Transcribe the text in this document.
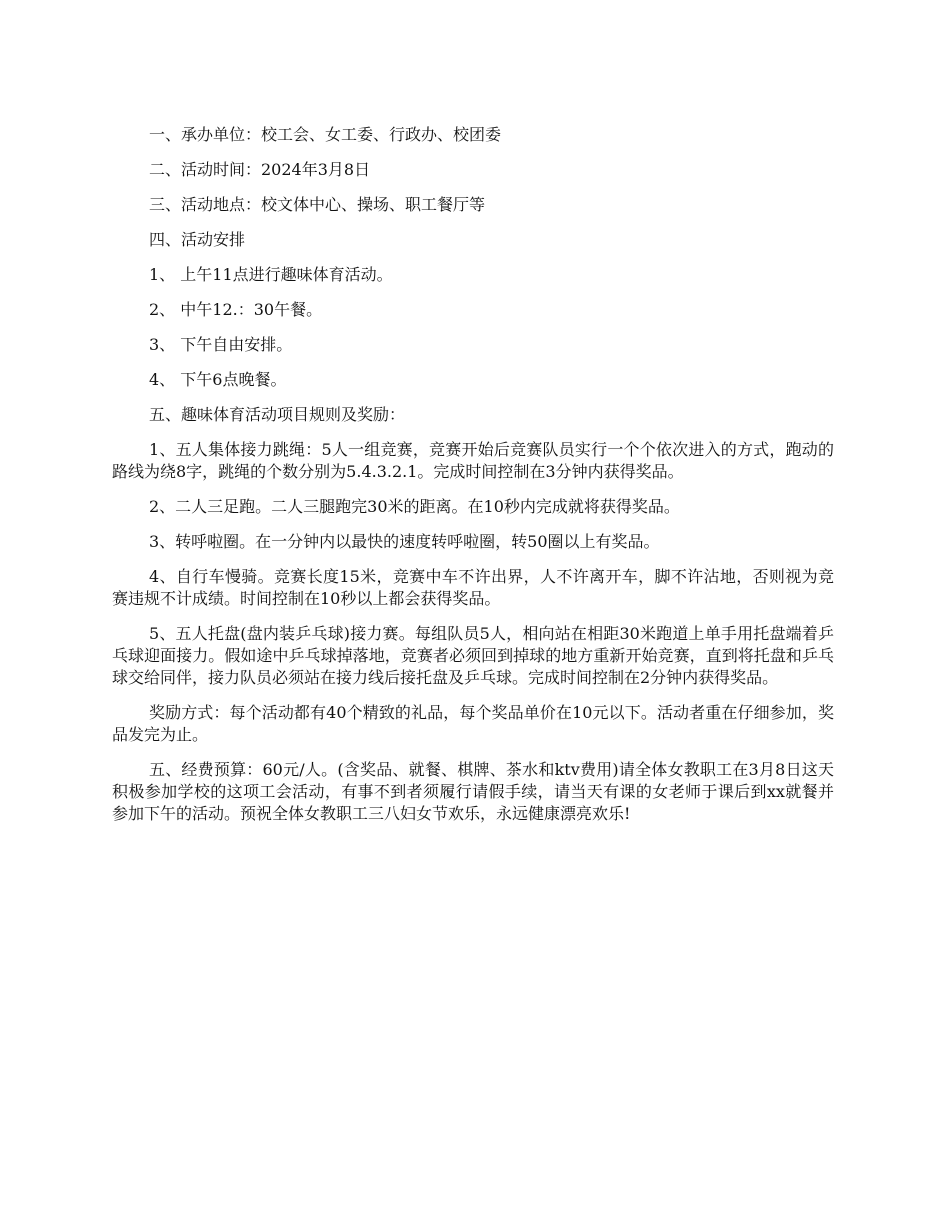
一、承办单位：校工会、女工委、行政办、校团委

二、活动时间：2024年3月8日

三、活动地点：校文体中心、操场、职工餐厅等

四、活动安排

1、 上午11点进行趣味体育活动。

2、 中午12.：30午餐。

3、 下午自由安排。

4、 下午6点晚餐。

五、趣味体育活动项目规则及奖励：

1、五人集体接力跳绳：5人一组竞赛，竞赛开始后竞赛队员实行一个个依次进入的方式，跑动的路线为绕8字，跳绳的个数分别为5.4.3.2.1。完成时间控制在3分钟内获得奖品。

2、二人三足跑。二人三腿跑完30米的距离。在10秒内完成就将获得奖品。

3、转呼啦圈。在一分钟内以最快的速度转呼啦圈，转50圈以上有奖品。

4、自行车慢骑。竞赛长度15米，竞赛中车不许出界，人不许离开车，脚不许沾地，否则视为竞赛违规不计成绩。时间控制在10秒以上都会获得奖品。

5、五人托盘(盘内装乒乓球)接力赛。每组队员5人，相向站在相距30米跑道上单手用托盘端着乒乓球迎面接力。假如途中乒乓球掉落地，竞赛者必须回到掉球的地方重新开始竞赛，直到将托盘和乒乓球交给同伴，接力队员必须站在接力线后接托盘及乒乓球。完成时间控制在2分钟内获得奖品。

奖励方式：每个活动都有40个精致的礼品，每个奖品单价在10元以下。活动者重在仔细参加，奖品发完为止。

五、经费预算：60元/人。(含奖品、就餐、棋牌、茶水和ktv费用)请全体女教职工在3月8日这天积极参加学校的这项工会活动，有事不到者须履行请假手续，请当天有课的女老师于课后到xx就餐并参加下午的活动。预祝全体女教职工三八妇女节欢乐，永远健康漂亮欢乐!
